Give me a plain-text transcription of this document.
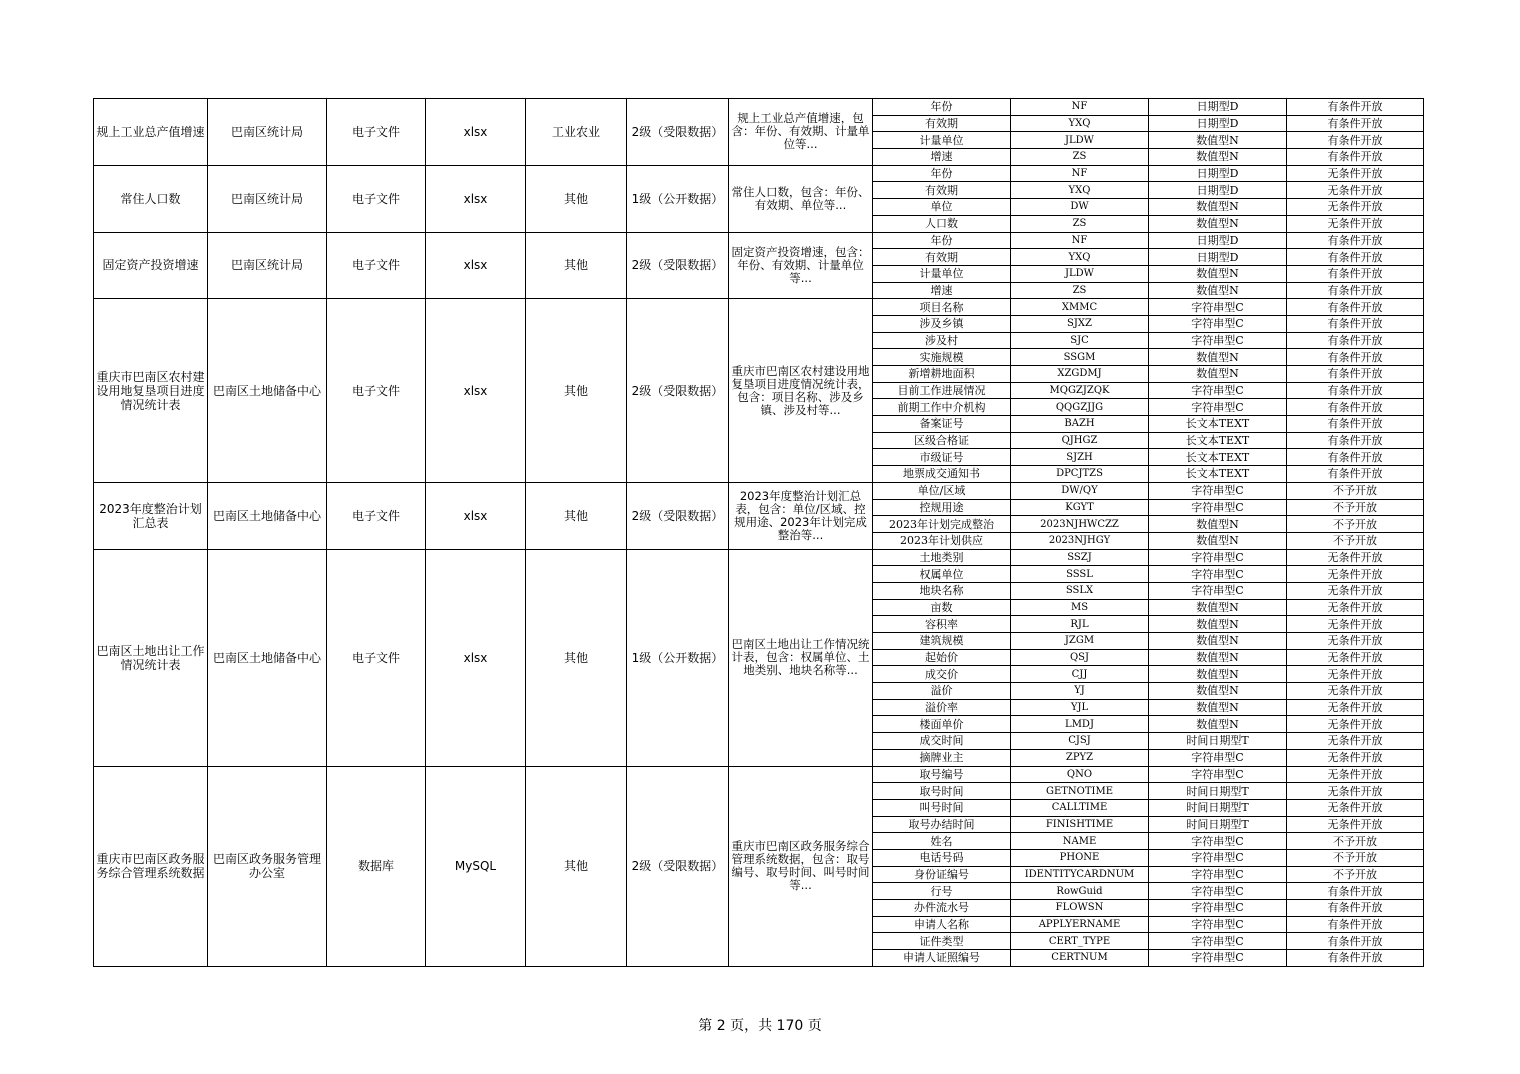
规上工业总产值增速	巴南区统计局	电子文件	xlsx	工业农业	2级（受限数据）	规上工业总产值增速，包含：年份、有效期、计量单位等...	年份	NF	日期型D	有条件开放
							有效期	YXQ	日期型D	有条件开放
							计量单位	JLDW	数值型N	有条件开放
							增速	ZS	数值型N	有条件开放
常住人口数	巴南区统计局	电子文件	xlsx	其他	1级（公开数据）	常住人口数，包含：年份、有效期、单位等...	年份	NF	日期型D	无条件开放
							有效期	YXQ	日期型D	无条件开放
							单位	DW	数值型N	无条件开放
							人口数	ZS	数值型N	无条件开放
固定资产投资增速	巴南区统计局	电子文件	xlsx	其他	2级（受限数据）	固定资产投资增速，包含：年份、有效期、计量单位等...	年份	NF	日期型D	有条件开放
							有效期	YXQ	日期型D	有条件开放
							计量单位	JLDW	数值型N	有条件开放
							增速	ZS	数值型N	有条件开放
重庆市巴南区农村建设用地复垦项目进度情况统计表	巴南区土地储备中心	电子文件	xlsx	其他	2级（受限数据）	重庆市巴南区农村建设用地复垦项目进度情况统计表，包含：项目名称、涉及乡镇、涉及村等...	项目名称	XMMC	字符串型C	有条件开放
							涉及乡镇	SJXZ	字符串型C	有条件开放
							涉及村	SJC	字符串型C	有条件开放
							实施规模	SSGM	数值型N	有条件开放
							新增耕地面积	XZGDMJ	数值型N	有条件开放
							目前工作进展情况	MQGZJZQK	字符串型C	有条件开放
							前期工作中介机构	QQGZJJG	字符串型C	有条件开放
							备案证号	BAZH	长文本TEXT	有条件开放
							区级合格证	QJHGZ	长文本TEXT	有条件开放
							市级证号	SJZH	长文本TEXT	有条件开放
							地票成交通知书	DPCJTZS	长文本TEXT	有条件开放
2023年度整治计划汇总表	巴南区土地储备中心	电子文件	xlsx	其他	2级（受限数据）	2023年度整治计划汇总表，包含：单位/区域、控规用途、2023年计划完成整治等...	单位/区域	DW/QY	字符串型C	不予开放
							控规用途	KGYT	字符串型C	不予开放
							2023年计划完成整治	2023NJHWCZZ	数值型N	不予开放
							2023年计划供应	2023NJHGY	数值型N	不予开放
巴南区土地出让工作情况统计表	巴南区土地储备中心	电子文件	xlsx	其他	1级（公开数据）	巴南区土地出让工作情况统计表，包含：权属单位、土地类别、地块名称等...	土地类别	SSZJ	字符串型C	无条件开放
							权属单位	SSSL	字符串型C	无条件开放
							地块名称	SSLX	字符串型C	无条件开放
							亩数	MS	数值型N	无条件开放
							容积率	RJL	数值型N	无条件开放
							建筑规模	JZGM	数值型N	无条件开放
							起始价	QSJ	数值型N	无条件开放
							成交价	CJJ	数值型N	无条件开放
							溢价	YJ	数值型N	无条件开放
							溢价率	YJL	数值型N	无条件开放
							楼面单价	LMDJ	数值型N	无条件开放
							成交时间	CJSJ	时间日期型T	无条件开放
							摘牌业主	ZPYZ	字符串型C	无条件开放
重庆市巴南区政务服务综合管理系统数据	巴南区政务服务管理办公室	数据库	MySQL	其他	2级（受限数据）	重庆市巴南区政务服务综合管理系统数据，包含：取号编号、取号时间、叫号时间等...	取号编号	QNO	字符串型C	无条件开放
							取号时间	GETNOTIME	时间日期型T	无条件开放
							叫号时间	CALLTIME	时间日期型T	无条件开放
							取号办结时间	FINISHTIME	时间日期型T	无条件开放
							姓名	NAME	字符串型C	不予开放
							电话号码	PHONE	字符串型C	不予开放
							身份证编号	IDENTITYCARDNUM	字符串型C	不予开放
							行号	RowGuid	字符串型C	有条件开放
							办件流水号	FLOWSN	字符串型C	有条件开放
							申请人名称	APPLYERNAME	字符串型C	有条件开放
							证件类型	CERT_TYPE	字符串型C	有条件开放
							申请人证照编号	CERTNUM	字符串型C	有条件开放
第 2 页，共 170 页
